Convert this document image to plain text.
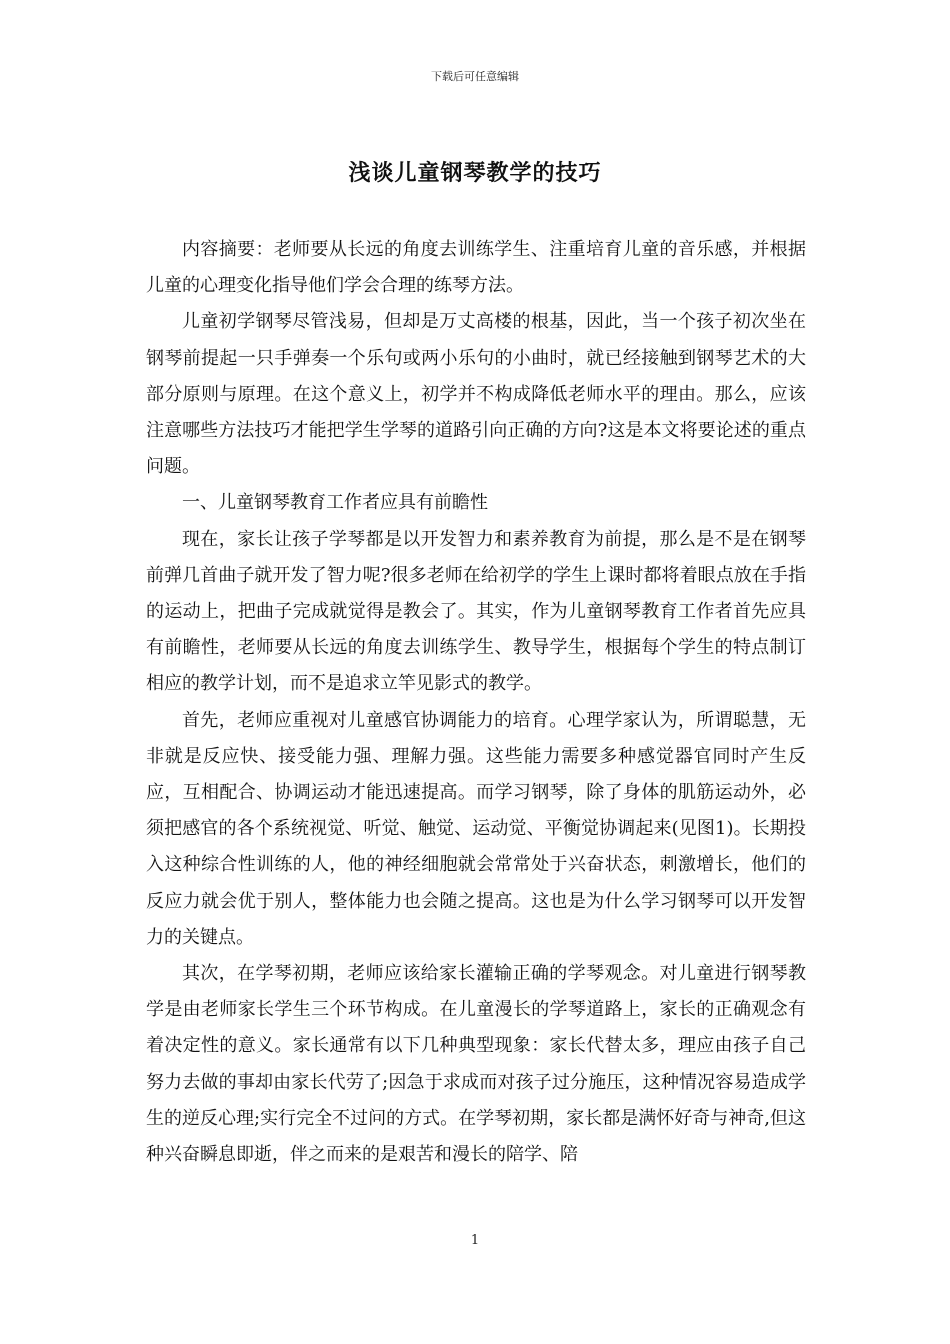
下载后可任意编辑
浅谈儿童钢琴教学的技巧

内容摘要：老师要从长远的角度去训练学生、注重培育儿童的音乐感，并根据儿童的心理变化指导他们学会合理的练琴方法。

儿童初学钢琴尽管浅易，但却是万丈高楼的根基，因此，当一个孩子初次坐在钢琴前提起一只手弹奏一个乐句或两小乐句的小曲时，就已经接触到钢琴艺术的大部分原则与原理。在这个意义上，初学并不构成降低老师水平的理由。那么，应该注意哪些方法技巧才能把学生学琴的道路引向正确的方向?这是本文将要论述的重点问题。

一、儿童钢琴教育工作者应具有前瞻性

现在，家长让孩子学琴都是以开发智力和素养教育为前提，那么是不是在钢琴前弹几首曲子就开发了智力呢?很多老师在给初学的学生上课时都将着眼点放在手指的运动上，把曲子完成就觉得是教会了。其实，作为儿童钢琴教育工作者首先应具有前瞻性，老师要从长远的角度去训练学生、教导学生，根据每个学生的特点制订相应的教学计划，而不是追求立竿见影式的教学。

首先，老师应重视对儿童感官协调能力的培育。心理学家认为，所谓聪慧，无非就是反应快、接受能力强、理解力强。这些能力需要多种感觉器官同时产生反应，互相配合、协调运动才能迅速提高。而学习钢琴，除了身体的肌筋运动外，必须把感官的各个系统视觉、听觉、触觉、运动觉、平衡觉协调起来(见图1)。长期投入这种综合性训练的人，他的神经细胞就会常常处于兴奋状态，刺激增长，他们的反应力就会优于别人，整体能力也会随之提高。这也是为什么学习钢琴可以开发智力的关键点。

其次，在学琴初期，老师应该给家长灌输正确的学琴观念。对儿童进行钢琴教学是由老师家长学生三个环节构成。在儿童漫长的学琴道路上，家长的正确观念有着决定性的意义。家长通常有以下几种典型现象：家长代替太多，理应由孩子自己努力去做的事却由家长代劳了;因急于求成而对孩子过分施压，这种情况容易造成学生的逆反心理;实行完全不过问的方式。在学琴初期，家长都是满怀好奇与神奇,但这种兴奋瞬息即逝，伴之而来的是艰苦和漫长的陪学、陪

1
